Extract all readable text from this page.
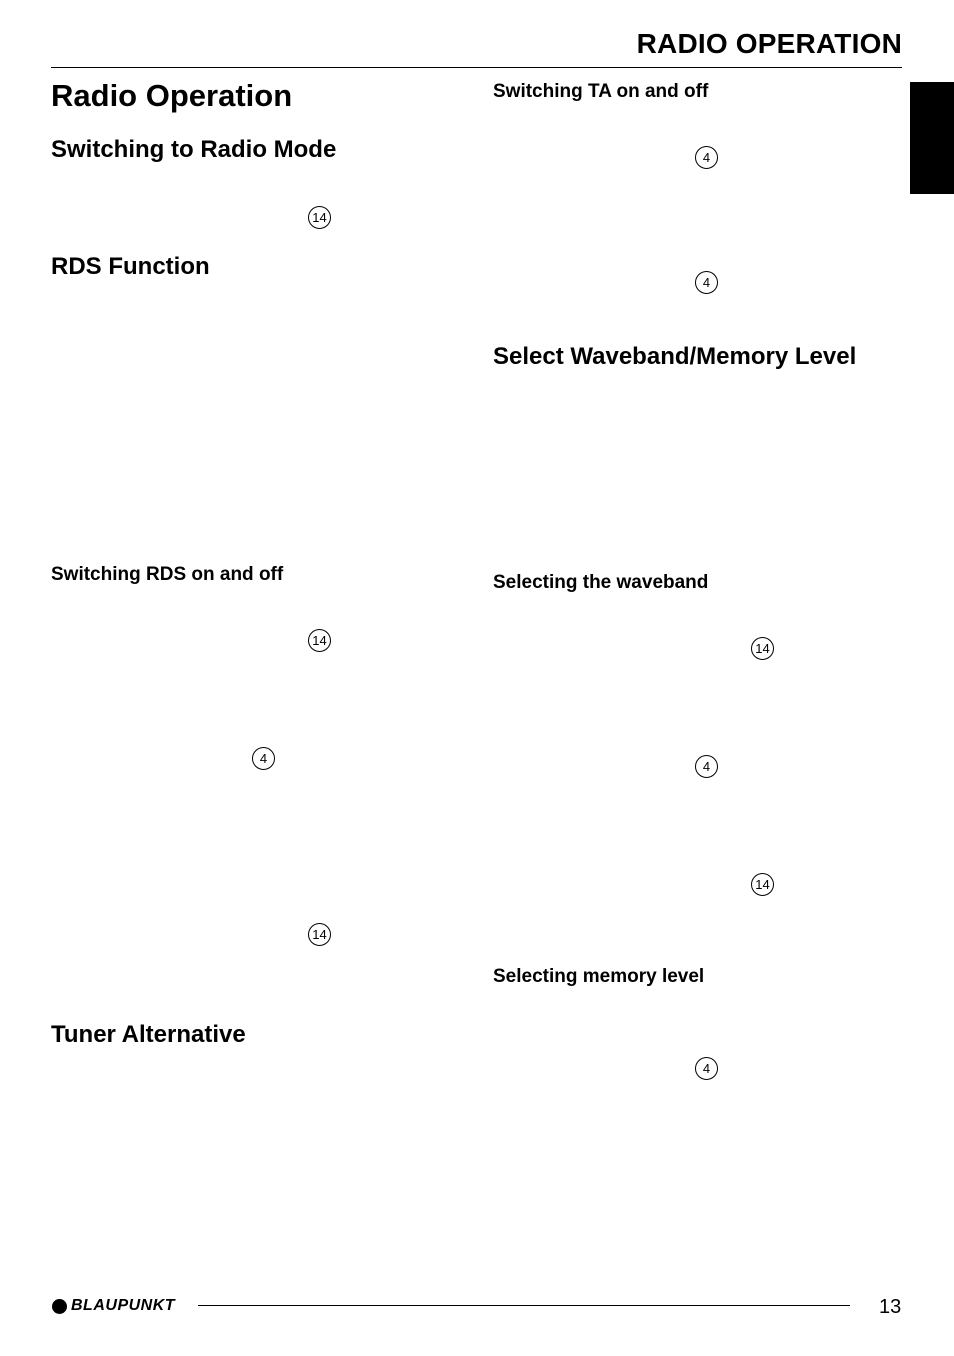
RADIO OPERATION
Radio Operation
Switching to Radio Mode
14
RDS Function
Switching RDS on and off
14
4
14
Tuner Alternative
Switching TA on and off
4
4
Select Waveband/Memory Level
Selecting the waveband
14
4
14
Selecting memory level
4
BLAUPUNKT	13
